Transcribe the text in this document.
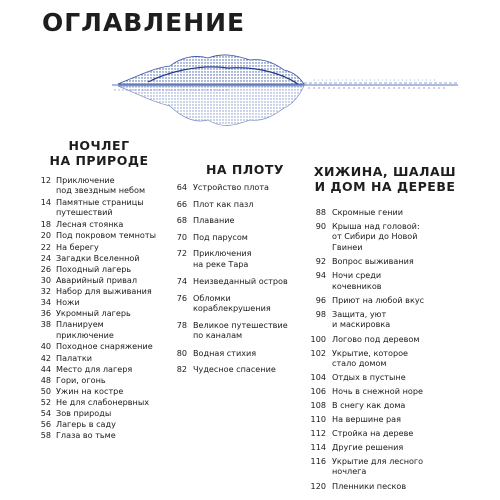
ОГЛАВЛЕНИЕ
НОЧЛЕГ
НА ПРИРОДЕ
НА ПЛОТУ	ХИЖИНА, ШАЛАШ
И ДОМ НА ДЕРЕВЕ
12 Приключение
под звездным небом
14 Памятные страницы
путешествий
18 Лесная стоянка
20 Под покровом темноты
22 На берегу
24 Загадки Вселенной
26 Походный лагерь
30 Аварийный привал
32 Набор для выживания
34 Ножи
36 Укромный лагерь
38 Планируем
приключение
40 Походное снаряжение
42 Палатки
44 Место для лагеря
48 Гори, огонь
50 Ужин на костре
52 Не для слабонервных
54 Зов природы
56 Лагерь в саду
58 Глаза во тьме
64 Устройство плота
66 Плот как пазл
68 Плавание
70 Под парусом
72 Приключения
на реке Тара
74 Неизведанный остров
76 Обломки
кораблекрушения
78 Великое путешествие
по каналам
80 Водная стихия
82 Чудесное спасение
88 Скромные гении
90 Крыша над головой:
от Сибири до Новой
Гвинеи
92 Вопрос выживания
94 Ночи среди
кочевников
96 Приют на любой вкус
98 Защита, уют
и маскировка
100 Логово под деревом
102 Укрытие, которое
стало домом
104 Отдых в пустыне
106 Ночь в снежной норе
108 В снегу как дома
110 На вершине рая
112 Стройка на дереве
114 Другие решения
116 Укрытие для лесного
ночлега
120 Пленники песков
